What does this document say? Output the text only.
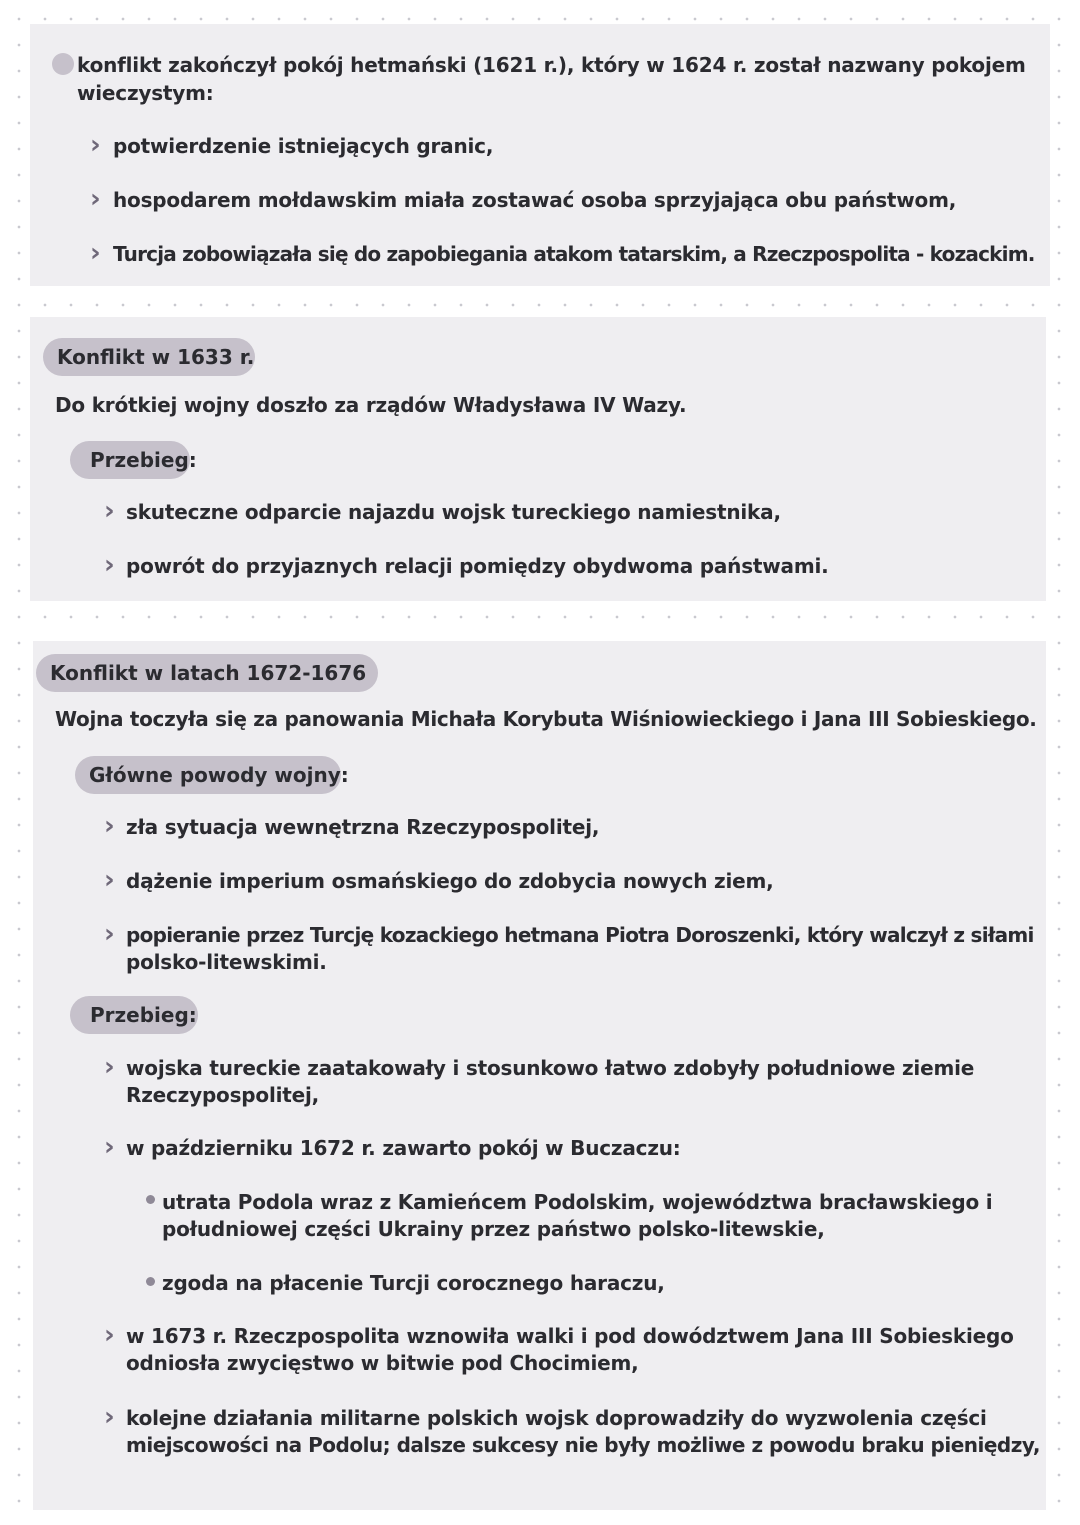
konflikt zakończył pokój hetmański (1621 r.), który w 1624 r. został nazwany pokojem
wieczystym:
› potwierdzenie istniejących granic,
› hospodarem mołdawskim miała zostawać osoba sprzyjająca obu państwom,
› Turcja zobowiązała się do zapobiegania atakom tatarskim, a Rzeczpospolita - kozackim.
Konflikt w 1633 r.
Do krótkiej wojny doszło za rządów Władysława IV Wazy.
Przebieg:
› skuteczne odparcie najazdu wojsk tureckiego namiestnika,
› powrót do przyjaznych relacji pomiędzy obydwoma państwami.
Konflikt w latach 1672-1676
Wojna toczyła się za panowania Michała Korybuta Wiśniowieckiego i Jana III Sobieskiego.
Główne powody wojny:
› zła sytuacja wewnętrzna Rzeczypospolitej,
› dążenie imperium osmańskiego do zdobycia nowych ziem,
› popieranie przez Turcję kozackiego hetmana Piotra Doroszenki, który walczył z siłami
polsko-litewskimi.
Przebieg:
› wojska tureckie zaatakowały i stosunkowo łatwo zdobyły południowe ziemie
Rzeczypospolitej,
› w październiku 1672 r. zawarto pokój w Buczaczu:
utrata Podola wraz z Kamieńcem Podolskim, województwa bracławskiego i
południowej części Ukrainy przez państwo polsko-litewskie,
zgoda na płacenie Turcji corocznego haraczu,
› w 1673 r. Rzeczpospolita wznowiła walki i pod dowództwem Jana III Sobieskiego
odniosła zwycięstwo w bitwie pod Chocimiem,
› kolejne działania militarne polskich wojsk doprowadziły do wyzwolenia części
miejscowości na Podolu; dalsze sukcesy nie były możliwe z powodu braku pieniędzy,
